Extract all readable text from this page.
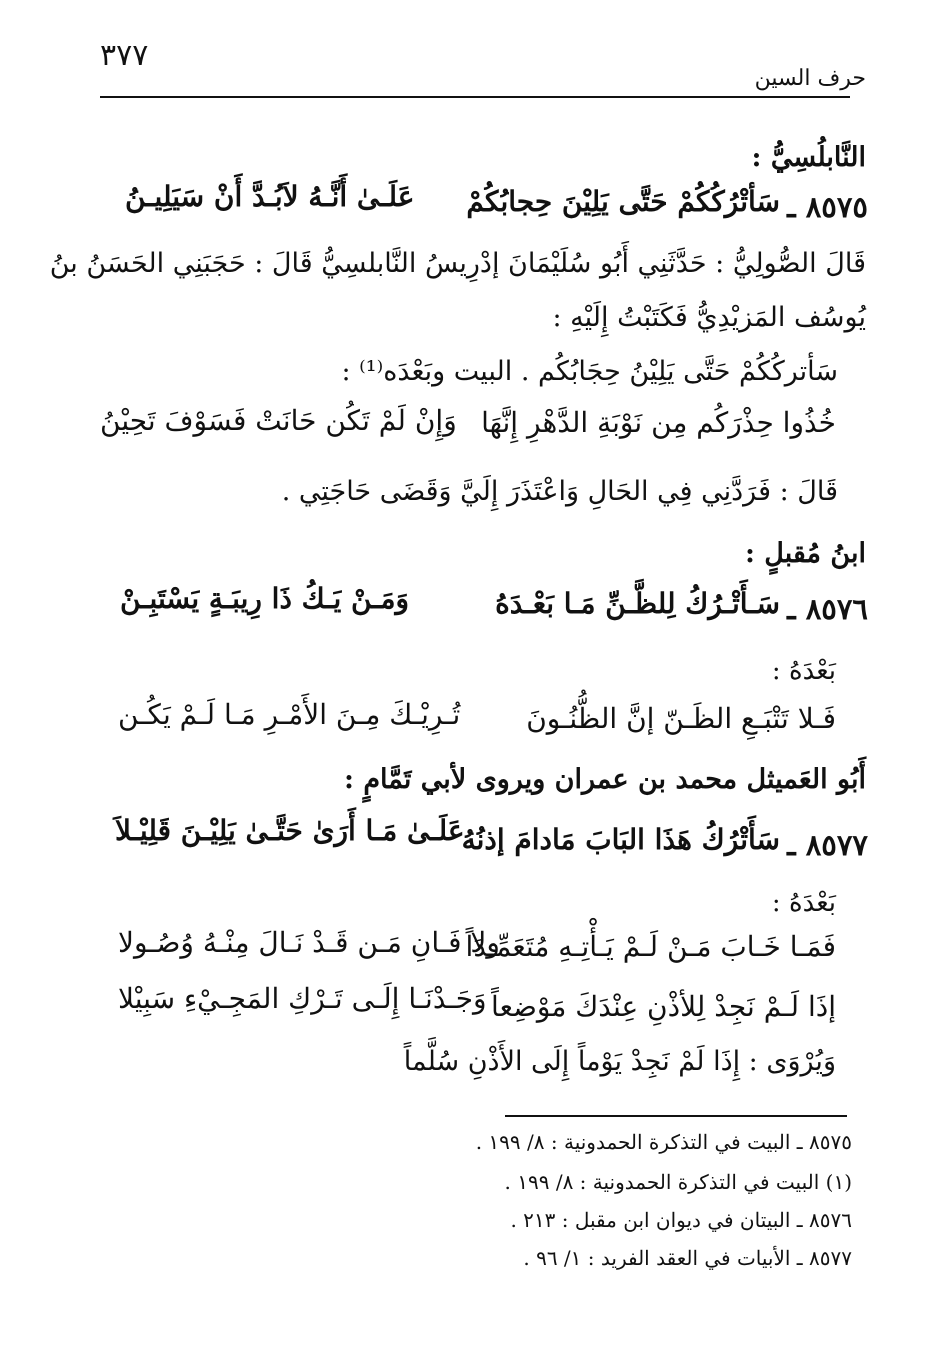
٣٧٧
حرف السين
النَّابلُسِيُّ :
٨٥٧٥ ـ
سَأتْرُكُكُمْ حَتَّى يَلِيْنَ حِجابُكُمْ
عَلَـىٰ أَنَّـهُ لاَبُـدَّ أَنْ سَيَلِيـنُ
قَالَ الصُّولِيُّ : حَدَّثَنِي أَبُو سُلَيْمَانَ إدْرِيسُ النَّابلسِيُّ قَالَ : حَجَبَنِي الحَسَنُ بنُ
يُوسُف المَزيْدِيُّ فَكَتَبْتُ إِلَيْهِ :
سَأتركُكُمْ حَتَّى يَلِيْنُ حِجَابُكُم . البيت وبَعْدَه⁽¹⁾ :
خُذُوا حِذْرَكُم مِن نَوْبَةِ الدَّهْرِ إِنَّهَا
وَإِنْ لَمْ تَكُن حَانَتْ فَسَوْفَ تَحِيْنُ
قَالَ : فَرَدَّنِي فِي الحَالِ وَاعْتَذَرَ إِلَيَّ وَقَضَى حَاجَتِي .
ابنُ مُقبلٍ :
٨٥٧٦ ـ
سَـأَتْـرُكُ لِلظَّـنِّ مَـا بَعْـدَهُ
وَمَـنْ يَـكُ ذَا رِيبَـةٍ يَسْتَبِـنْ
بَعْدَهُ :
فَـلا تَتْبَـعِ الظَـنّ إنَّ الظُّنُـونَ
تُـرِيْـكَ مِـنَ الأَمْـرِ مَـا لَـمْ يَكُـن
أَبُو العَميثل محمد بن عمران ويروى لأبي تَمَّامٍ :
٨٥٧٧ ـ
سَأَتْرُكُ هَذَا البَابَ مَادامَ إذنُهُ
عَلَـىٰ مَـا أَرَىٰ حَتَّـىٰ يَلِيْـنَ قَلِيْـلاَ
بَعْدَهُ :
فَمَـا خَـابَ مَـنْ لَـمْ يَـأْتِـهِ مُتَعَمِّـدَاً
ولا فَـانِ مَـن قَـدْ نَـالَ مِنْـهُ وُصُـولا
إذَا لَـمْ نَجِدْ لِلأذْنِ عِنْدَكَ مَوْضِعاً
وَجَـدْنَـا إِلَـى تَـرْكِ المَجِـيْءِ سَبِيْلا
وَيُرْوَى : إِذَا لَمْ نَجِدْ يَوْماً إِلَى الأَذْنِ سُلَّماً
٨٥٧٥ ـ البيت في التذكرة الحمدونية : ٨/ ١٩٩ .
(١) البيت في التذكرة الحمدونية : ٨/ ١٩٩ .
٨٥٧٦ ـ البيتان في ديوان ابن مقبل : ٢١٣ .
٨٥٧٧ ـ الأبيات في العقد الفريد : ١/ ٩٦ .
